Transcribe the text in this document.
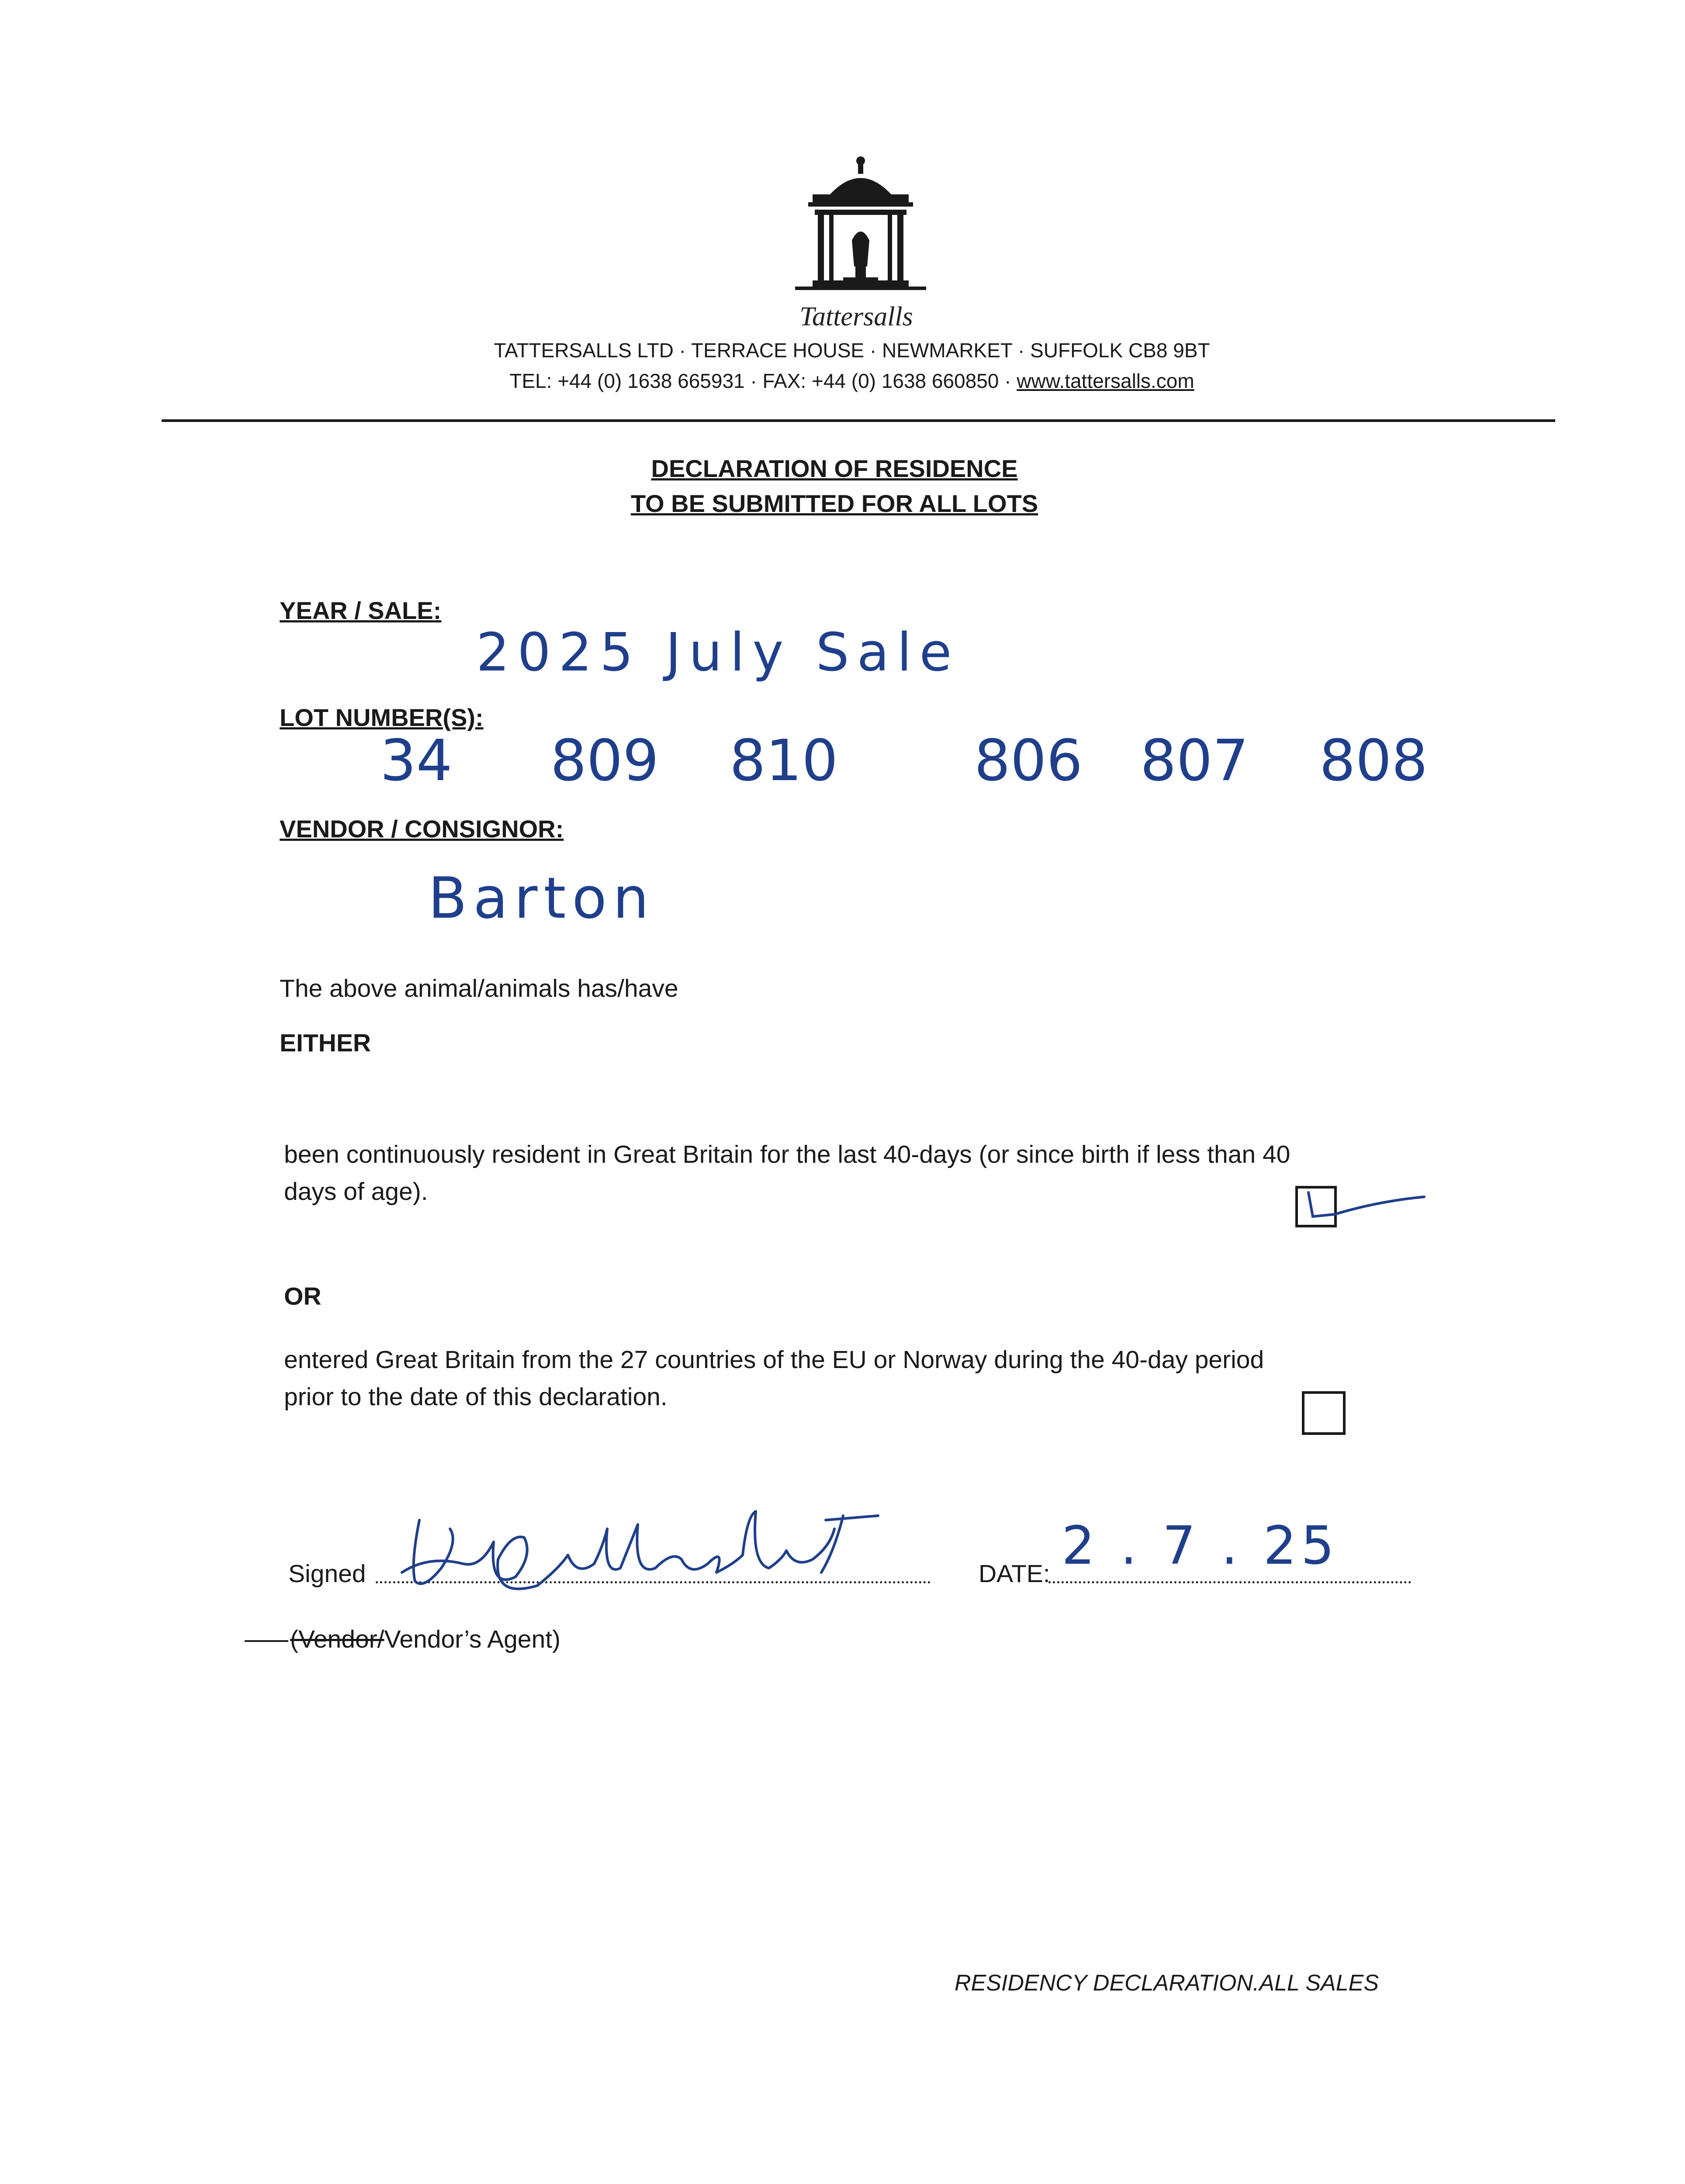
Tattersalls
TATTERSALLS LTD · TERRACE HOUSE · NEWMARKET · SUFFOLK CB8 9BT
TEL: +44 (0) 1638 665931 · FAX: +44 (0) 1638 660850 · www.tattersalls.com
DECLARATION OF RESIDENCE
TO BE SUBMITTED FOR ALL LOTS
YEAR / SALE:
2025 July Sale
LOT NUMBER(S):
34 809 810 806 807 808
VENDOR / CONSIGNOR:
Barton
The above animal/animals has/have
EITHER
been continuously resident in Great Britain for the last 40-days (or since birth if less than 40
days of age).
OR
entered Great Britain from the 27 countries of the EU or Norway during the 40-day period
prior to the date of this declaration.
Signed	DATE: 2 . 7 . 25
(Vendor/Vendor’s Agent)
RESIDENCY DECLARATION.ALL SALES
